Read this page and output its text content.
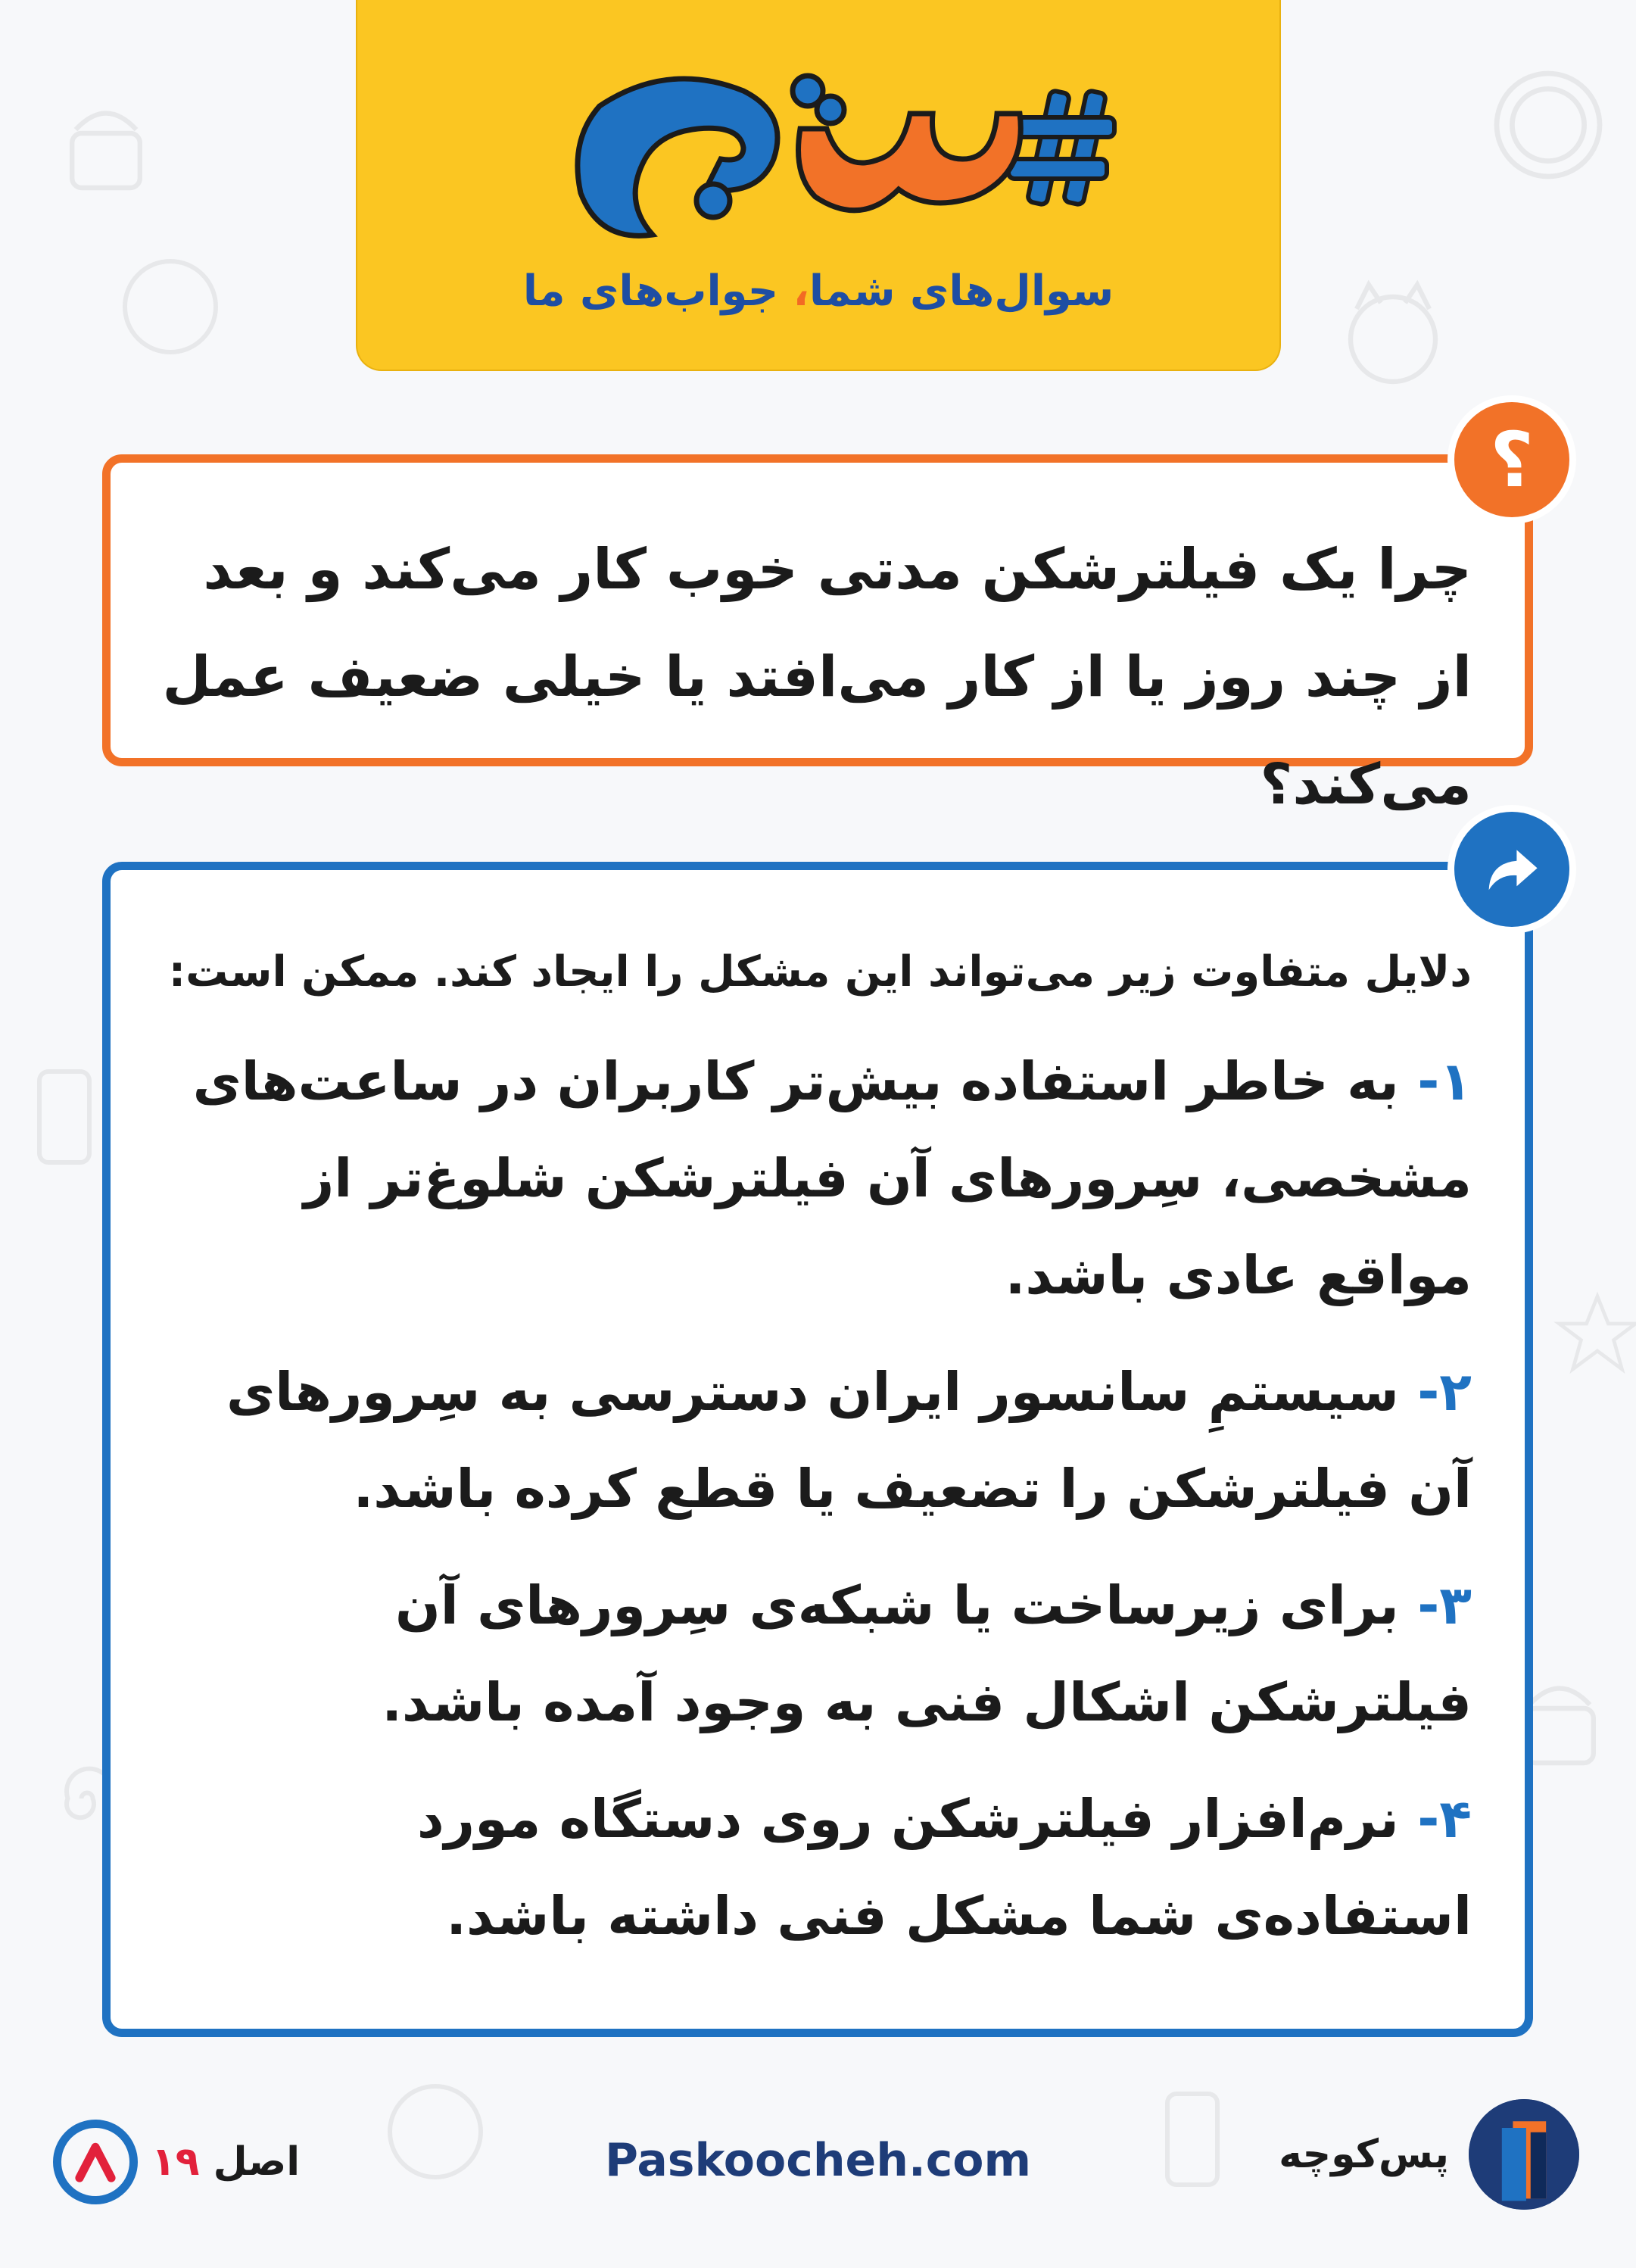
سوال‌های شما، جواب‌های ما
چرا یک فیلترشکن مدتی خوب کار می‌کند و بعد از چند روز یا از کار می‌افتد یا خیلی ضعیف عمل می‌کند؟
؟
دلایل متفاوت زیر می‌تواند این مشکل را ایجاد کند. ممکن است:
۱- به خاطر استفاده بیش‌تر کاربران در ساعت‌های مشخصی، سِرورهای آن فیلترشکن شلوغ‌تر از مواقع عادی باشد.
۲- سیستمِ سانسور ایران دسترسی به سِرورهای آن فیلترشکن را تضعیف یا قطع کرده باشد.
۳- برای زیرساخت یا شبکه‌ی سِرورهای آن فیلترشکن اشکال فنی به وجود آمده باشد.
۴- نرم‌افزار فیلترشکن روی دستگاه مورد استفاده‌ی شما مشکل فنی داشته باشد.
Paskoocheh.com	پس‌کوچه
اصل ۱۹
